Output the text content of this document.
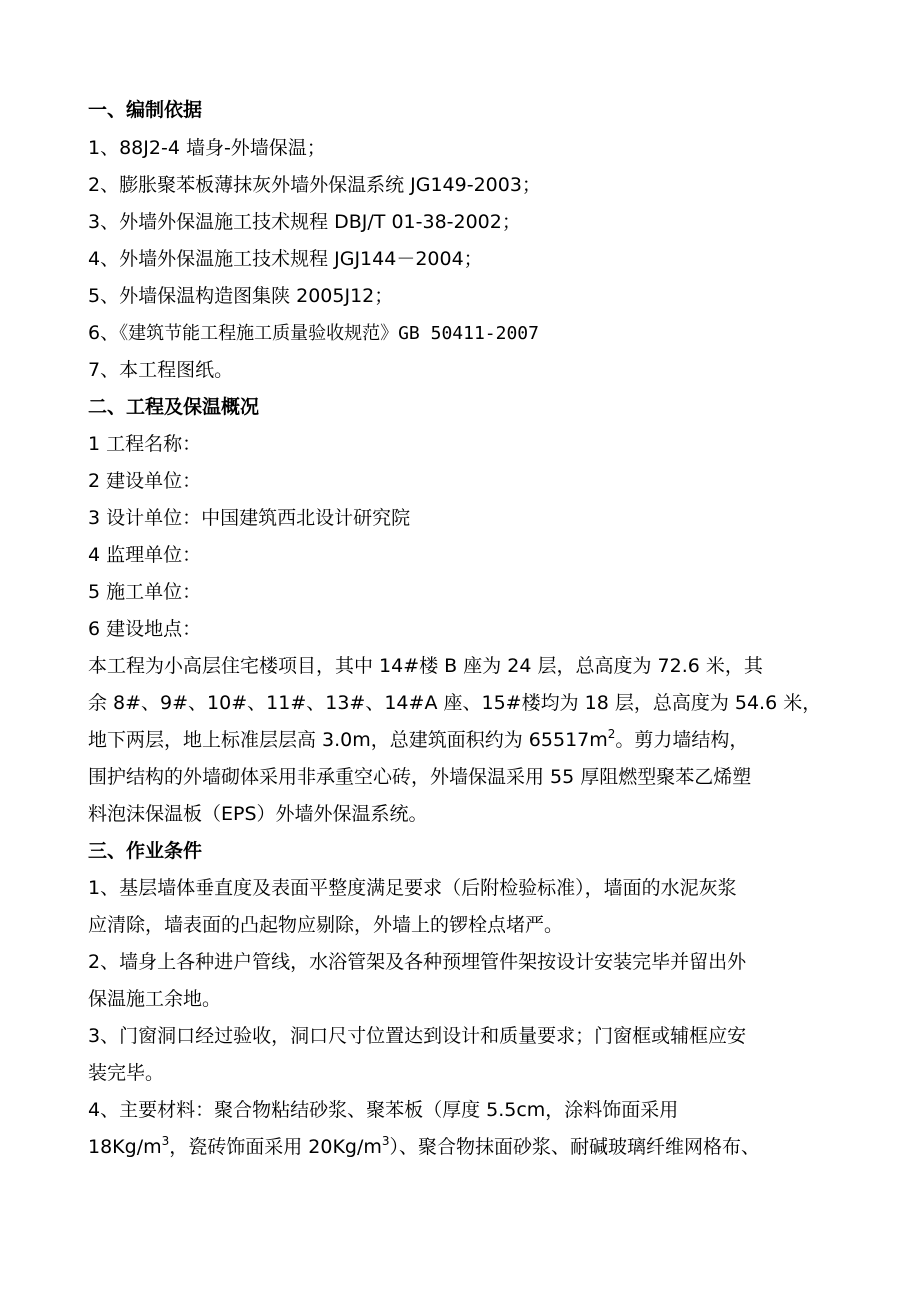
一、编制依据
1、88J2-4 墙身-外墙保温；
2、膨胀聚苯板薄抹灰外墙外保温系统 JG149-2003；
3、外墙外保温施工技术规程 DBJ/T 01-38-2002；
4、外墙外保温施工技术规程 JGJ144－2004；
5、外墙保温构造图集陕 2005J12；
6、《建筑节能工程施工质量验收规范》GB 50411-2007
7、本工程图纸。
二、工程及保温概况
1 工程名称：
2 建设单位：
3 设计单位：中国建筑西北设计研究院
4 监理单位：
5 施工单位：
6 建设地点：
本工程为小高层住宅楼项目，其中 14#楼 B 座为 24 层，总高度为 72.6 米，其
余 8#、9#、10#、11#、13#、14#A 座、15#楼均为 18 层，总高度为 54.6 米，
地下两层，地上标准层层高 3.0m，总建筑面积约为 $65517m^2$。剪力墙结构，
围护结构的外墙砌体采用非承重空心砖，外墙保温采用 55 厚阻燃型聚苯乙烯塑
料泡沫保温板（EPS）外墙外保温系统。
三、作业条件
1、基层墙体垂直度及表面平整度满足要求（后附检验标准），墙面的水泥灰浆
应清除，墙表面的凸起物应剔除，外墙上的锣栓点堵严。
2、墙身上各种进户管线，水浴管架及各种预埋管件架按设计安装完毕并留出外
保温施工余地。
3、门窗洞口经过验收，洞口尺寸位置达到设计和质量要求；门窗框或辅框应安
装完毕。
4、主要材料：聚合物粘结砂浆、聚苯板（厚度 5.5cm，涂料饰面采用
$18Kg/m^3$，瓷砖饰面采用 $20Kg/m^3$）、聚合物抹面砂浆、耐碱玻璃纤维网格布、
